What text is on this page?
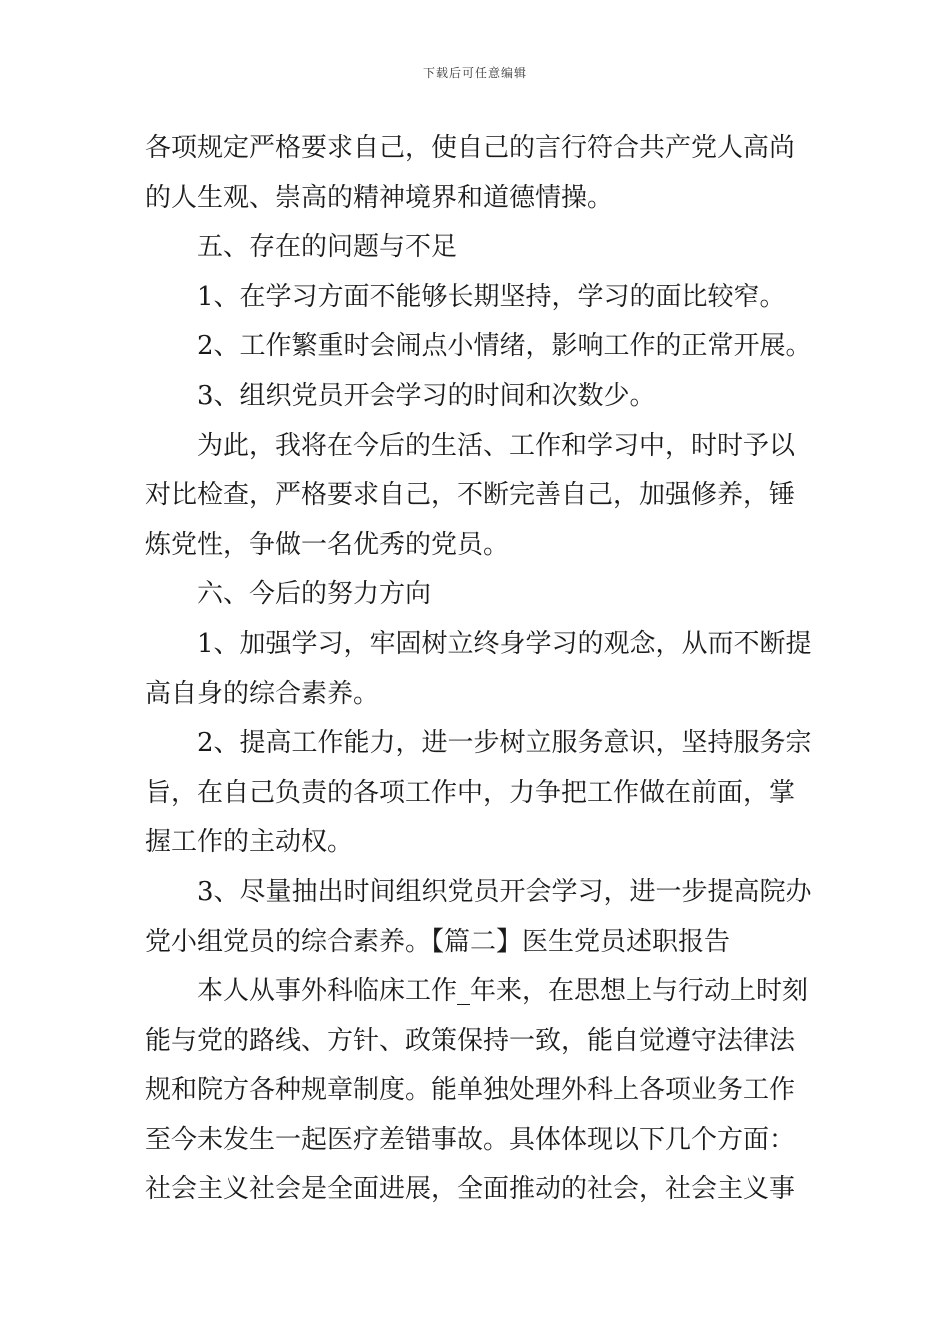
下载后可任意编辑

各项规定严格要求自己，使自己的言行符合共产党人高尚

的人生观、崇高的精神境界和道德情操。

　　五、存在的问题与不足

　　1、在学习方面不能够长期坚持，学习的面比较窄。

　　2、工作繁重时会闹点小情绪，影响工作的正常开展。

　　3、组织党员开会学习的时间和次数少。

　　为此，我将在今后的生活、工作和学习中，时时予以

对比检查，严格要求自己，不断完善自己，加强修养，锤

炼党性，争做一名优秀的党员。

　　六、今后的努力方向

　　1、加强学习，牢固树立终身学习的观念，从而不断提

高自身的综合素养。

　　2、提高工作能力，进一步树立服务意识，坚持服务宗

旨，在自己负责的各项工作中，力争把工作做在前面，掌

握工作的主动权。

　　3、尽量抽出时间组织党员开会学习，进一步提高院办

党小组党员的综合素养。【篇二】医生党员述职报告

　　本人从事外科临床工作_年来，在思想上与行动上时刻

能与党的路线、方针、政策保持一致，能自觉遵守法律法

规和院方各种规章制度。能单独处理外科上各项业务工作

至今未发生一起医疗差错事故。具体体现以下几个方面：

社会主义社会是全面进展，全面推动的社会，社会主义事
